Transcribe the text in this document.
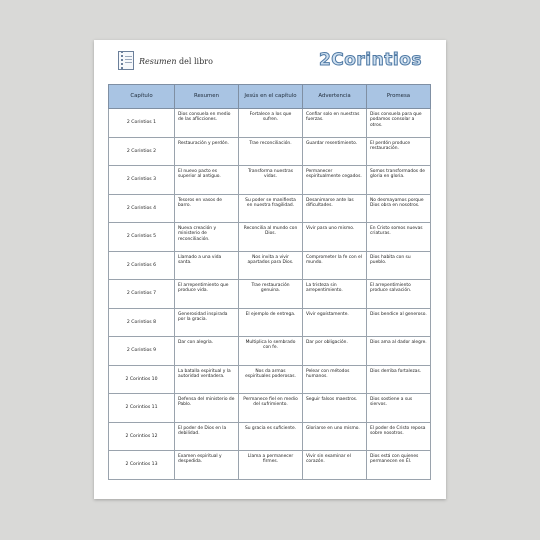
Resumen del libro	2Corintios
Capítulo	Resumen	Jesús en el capítulo	Advertencia	Promesa
2 Corintios 1	Dios consuela en medio de las aflicciones.	Fortalece a los que sufren.	Confiar solo en nuestras fuerzas.	Dios consuela para que podamos consolar a otros.
2 Corintios 2	Restauración y perdón.	Trae reconciliación.	Guardar resentimiento.	El perdón produce restauración.
2 Corintios 3	El nuevo pacto es superior al antiguo.	Transforma nuestras vidas.	Permanecer espiritualmente cegados.	Somos transformados de gloria en gloria.
2 Corintios 4	Tesoros en vasos de barro.	Su poder se manifiesta en nuestra fragilidad.	Desanimarse ante las dificultades.	No desmayamos porque Dios obra en nosotros.
2 Corintios 5	Nueva creación y ministerio de reconciliación.	Reconcilia al mundo con Dios.	Vivir para uno mismo.	En Cristo somos nuevas criaturas.
2 Corintios 6	Llamado a una vida santa.	Nos invita a vivir apartados para Dios.	Comprometer la fe con el mundo.	Dios habita con su pueblo.
2 Corintios 7	El arrepentimiento que produce vida.	Trae restauración genuina.	La tristeza sin arrepentimiento.	El arrepentimiento produce salvación.
2 Corintios 8	Generosidad inspirada por la gracia.	El ejemplo de entrega.	Vivir egoístamente.	Dios bendice al generoso.
2 Corintios 9	Dar con alegría.	Multiplica lo sembrado con fe.	Dar por obligación.	Dios ama al dador alegre.
2 Corintios 10	La batalla espiritual y la autoridad verdadera.	Nos da armas espirituales poderosas.	Pelear con métodos humanos.	Dios derriba fortalezas.
2 Corintios 11	Defensa del ministerio de Pablo.	Permanece fiel en medio del sufrimiento.	Seguir falsos maestros.	Dios sostiene a sus siervos.
2 Corintios 12	El poder de Dios en la debilidad.	Su gracia es suficiente.	Gloriarse en uno mismo.	El poder de Cristo reposa sobre nosotros.
2 Corintios 13	Examen espiritual y despedida.	Llama a permanecer firmes.	Vivir sin examinar el corazón.	Dios está con quienes permanecen en Él.
